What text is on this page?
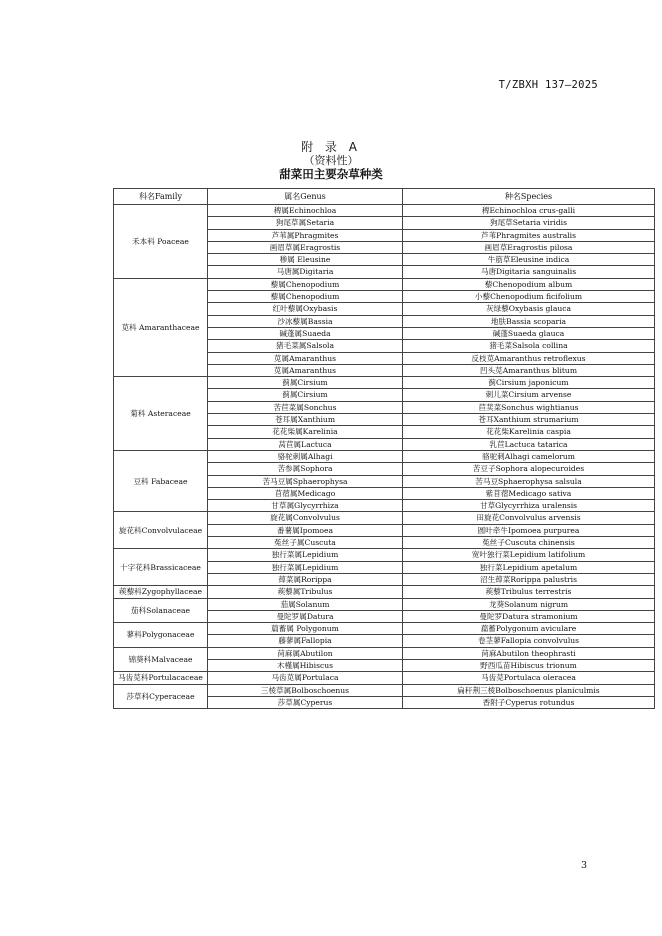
T/ZBXH 137—2025
附 录 A
（资料性）
甜菜田主要杂草种类
科名Family	属名Genus	种名Species
禾本科 Poaceae	稗属Echinochloa	稗Echinochloa crus-galli
	狗尾草属Setaria	狗尾草Setaria viridis
	芦苇属Phragmites	芦苇Phragmites australis
	画眉草属Eragrostis	画眉草Eragrostis pilosa
	䅟属 Eleusine	牛筋草Eleusine indica
	马唐属Digitaria	马唐Digitaria sanguinalis
苋科 Amaranthaceae	藜属Chenopodium	藜Chenopodium album
	藜属Chenopodium	小藜Chenopodium ficifolium
	红叶藜属Oxybasis	灰绿藜Oxybasis glauca
	沙冰藜属Bassia	地肤Bassia scoparia
	碱蓬属Suaeda	碱蓬Suaeda glauca
	猪毛菜属Salsola	猪毛菜Salsola collina
	苋属Amaranthus	反枝苋Amaranthus retroflexus
	苋属Amaranthus	凹头苋Amaranthus blitum
菊科 Asteraceae	蓟属Cirsium	蓟Cirsium japonicum
	蓟属Cirsium	刺儿菜Cirsium arvense
	苦苣菜属Sonchus	苣荬菜Sonchus wightianus
	苍耳属Xanthium	苍耳Xanthium strumarium
	花花柴属Karelinia	花花柴Karelinia caspia
	莴苣属Lactuca	乳苣Lactuca tatarica
豆科 Fabaceae	骆驼刺属Alhagi	骆驼刺Alhagi camelorum
	苦参属Sophora	苦豆子Sophora alopecuroides
	苦马豆属Sphaerophysa	苦马豆Sphaerophysa salsula
	苜蓿属Medicago	紫苜蓿Medicago sativa
	甘草属Glycyrrhiza	甘草Glycyrrhiza uralensis
旋花科Convolvulaceae	旋花属Convolvulus	田旋花Convolvulus arvensis
	番薯属Ipomoea	圆叶牵牛Ipomoea purpurea
	菟丝子属Cuscuta	菟丝子Cuscuta chinensis
十字花科Brassicaceae	独行菜属Lepidium	宽叶独行菜Lepidium latifolium
	独行菜属Lepidium	独行菜Lepidium apetalum
	蔊菜属Rorippa	沼生蔊菜Rorippa palustris
蒺藜科Zygophyllaceae	蒺藜属Tribulus	蒺藜Tribulus terrestris
茄科Solanaceae	茄属Solanum	龙葵Solanum nigrum
	曼陀罗属Datura	曼陀罗Datura stramonium
蓼科Polygonaceae	萹蓄属 Polygonum	萹蓄Polygonum aviculare
	藤蓼属Fallopia	卷茎蓼Fallopia convolvulus
锦葵科Malvaceae	苘麻属Abutilon	苘麻Abutilon theophrasti
	木槿属Hibiscus	野西瓜苗Hibiscus trionum
马齿苋科Portulacaceae	马齿苋属Portulaca	马齿苋Portulaca oleracea
莎草科Cyperaceae	三棱草属Bolboschoenus	扁秆荆三棱Bolboschoenus planiculmis
	莎草属Cyperus	香附子Cyperus rotundus
3
